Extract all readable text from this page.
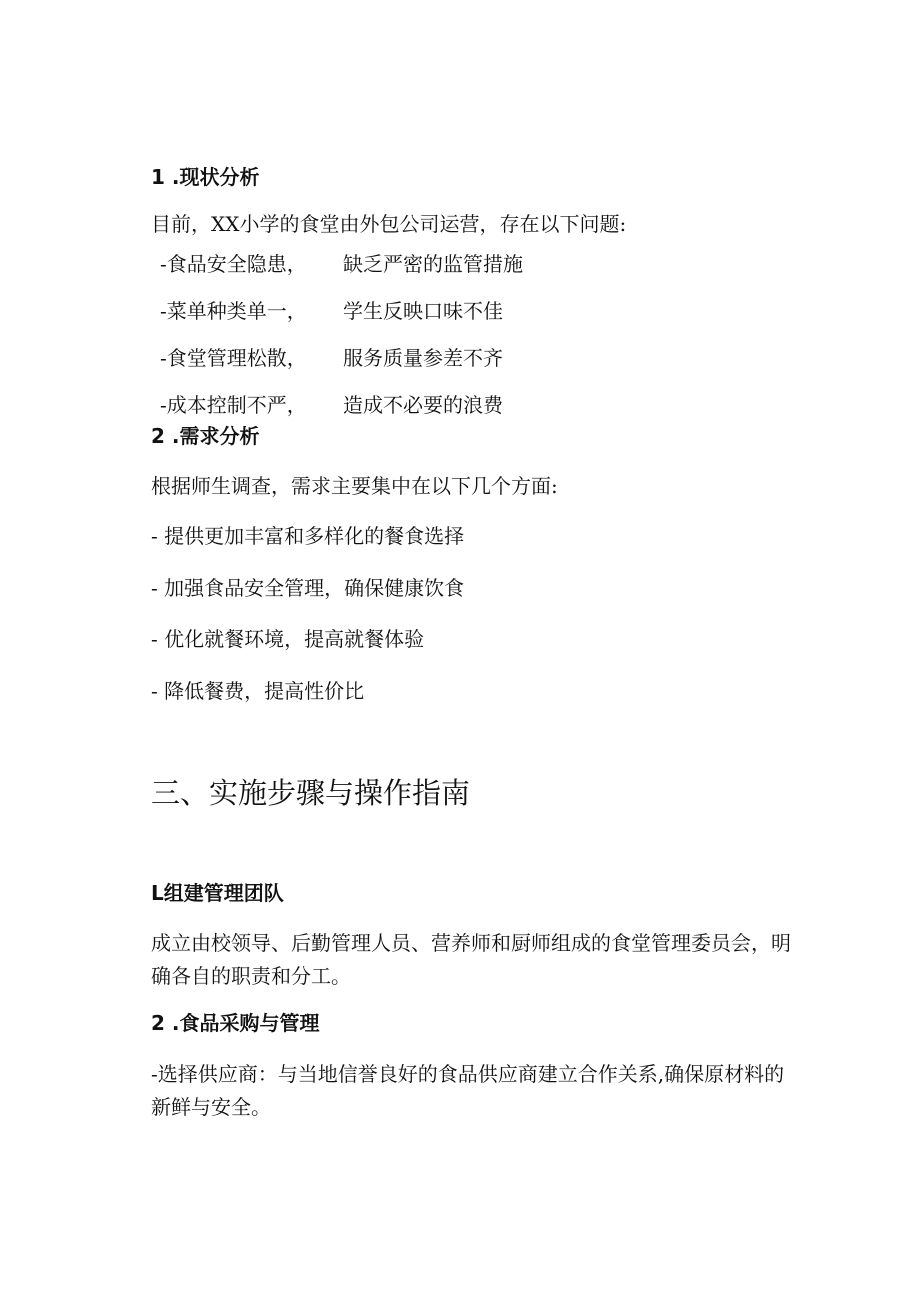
1 .现状分析
目前，XX小学的食堂由外包公司运营，存在以下问题:
-食品安全隐患， 缺乏严密的监管措施
-菜单种类单一， 学生反映口味不佳
-食堂管理松散， 服务质量参差不齐
-成本控制不严， 造成不必要的浪费
2 .需求分析
根据师生调查，需求主要集中在以下几个方面:
- 提供更加丰富和多样化的餐食选择
- 加强食品安全管理，确保健康饮食
- 优化就餐环境，提高就餐体验
- 降低餐费，提高性价比
三、实施步骤与操作指南
L组建管理团队
成立由校领导、后勤管理人员、营养师和厨师组成的食堂管理委员会，明确各自的职责和分工。
2 .食品采购与管理
-选择供应商：与当地信誉良好的食品供应商建立合作关系,确保原材料的新鲜与安全。
